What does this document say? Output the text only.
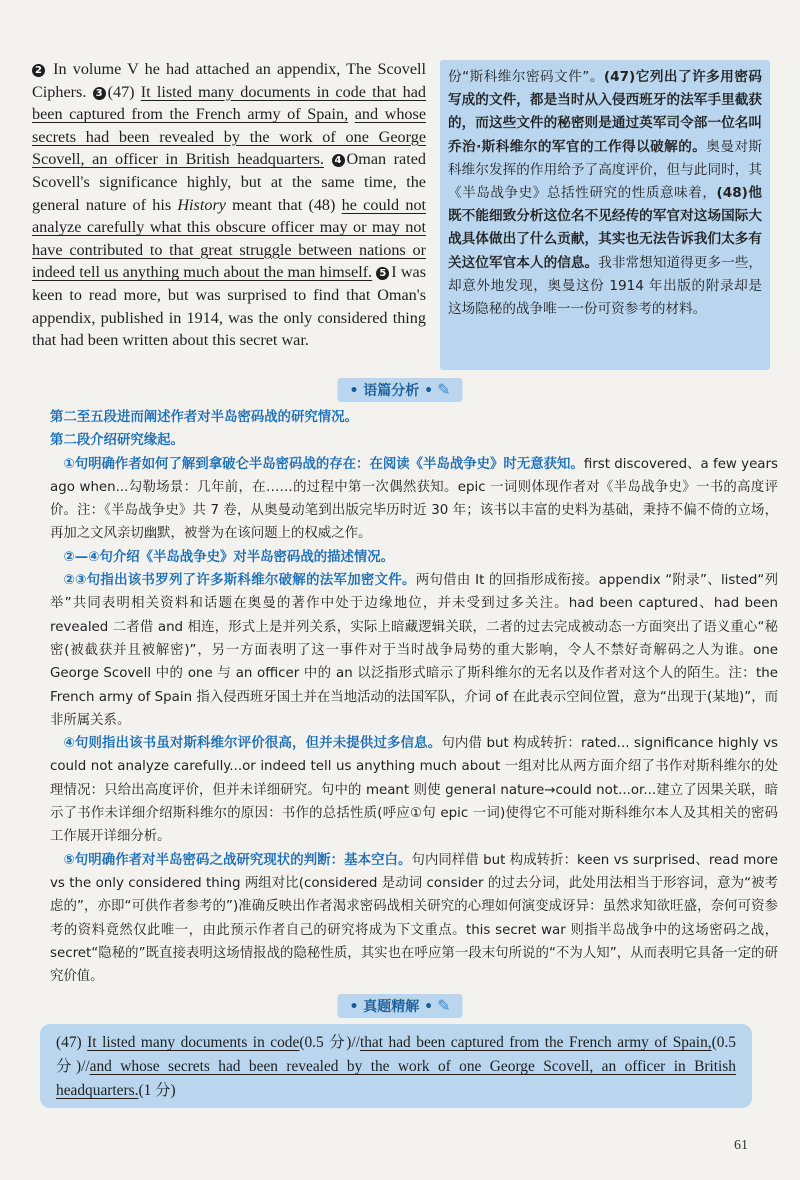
2 In volume V he had attached an appendix, The Scovell Ciphers. 3 (47) It listed many documents in code that had been captured from the French army of Spain, and whose secrets had been revealed by the work of one George Scovell, an officer in British headquarters. 4 Oman rated Scovell's significance highly, but at the same time, the general nature of his History meant that (48) he could not analyze carefully what this obscure officer may or may not have contributed to that great struggle between nations or indeed tell us anything much about the man himself. 5 I was keen to read more, but was surprised to find that Oman's appendix, published in 1914, was the only considered thing that had been written about this secret war.

份“斯科维尔密码文件”。(47)它列出了许多用密码写成的文件，都是当时从入侵西班牙的法军手里截获的，而这些文件的秘密则是通过英军司令部一位名叫乔治·斯科维尔的军官的工作得以破解的。奥曼对斯科维尔发挥的作用给予了高度评价，但与此同时，其《半岛战争史》总括性研究的性质意味着，(48)他既不能细致分析这位名不见经传的军官对这场国际大战具体做出了什么贡献，其实也无法告诉我们太多有关这位军官本人的信息。我非常想知道得更多一些，却意外地发现，奥曼这份 1914 年出版的附录却是这场隐秘的战争唯一一份可资参考的材料。

• 语篇分析 • ✎

第二至五段进而阐述作者对半岛密码战的研究情况。

第二段介绍研究缘起。

①句明确作者如何了解到拿破仑半岛密码战的存在：在阅读《半岛战争史》时无意获知。first discovered、a few years ago when...勾勒场景：几年前，在……的过程中第一次偶然获知。epic 一词则体现作者对《半岛战争史》一书的高度评价。注：《半岛战争史》共 7 卷，从奥曼动笔到出版完毕历时近 30 年；该书以丰富的史料为基础，秉持不偏不倚的立场，再加之文风亲切幽默，被誉为在该问题上的权威之作。

②—④句介绍《半岛战争史》对半岛密码战的描述情况。

②③句指出该书罗列了许多斯科维尔破解的法军加密文件。两句借由 It 的回指形成衔接。appendix “附录”、listed“列举”共同表明相关资料和话题在奥曼的著作中处于边缘地位，并未受到过多关注。had been captured、had been revealed 二者借 and 相连，形式上是并列关系，实际上暗藏逻辑关联，二者的过去完成被动态一方面突出了语义重心“秘密(被截获并且被解密)”，另一方面表明了这一事件对于当时战争局势的重大影响，令人不禁好奇解码之人为谁。one George Scovell 中的 one 与 an officer 中的 an 以泛指形式暗示了斯科维尔的无名以及作者对这个人的陌生。注：the French army of Spain 指入侵西班牙国土并在当地活动的法国军队，介词 of 在此表示空间位置，意为“出现于(某地)”，而非所属关系。

④句则指出该书虽对斯科维尔评价很高，但并未提供过多信息。句内借 but 构成转折：rated... significance highly vs could not analyze carefully...or indeed tell us anything much about 一组对比从两方面介绍了书作对斯科维尔的处理情况：只给出高度评价，但并未详细研究。句中的 meant 则使 general nature→could not...or...建立了因果关联，暗示了书作未详细介绍斯科维尔的原因：书作的总括性质(呼应①句 epic 一词)使得它不可能对斯科维尔本人及其相关的密码工作展开详细分析。

⑤句明确作者对半岛密码之战研究现状的判断：基本空白。句内同样借 but 构成转折：keen vs surprised、read more vs the only considered thing 两组对比(considered 是动词 consider 的过去分词，此处用法相当于形容词，意为“被考虑的”，亦即“可供作者参考的”)准确反映出作者渴求密码战相关研究的心理如何演变成讶异：虽然求知欲旺盛，奈何可资参考的资料竟然仅此唯一，由此预示作者自己的研究将成为下文重点。this secret war 则指半岛战争中的这场密码之战，secret“隐秘的”既直接表明这场情报战的隐秘性质，其实也在呼应第一段末句所说的“不为人知”，从而表明它具备一定的研究价值。

• 真题精解 • ✎
(47) It listed many documents in code(0.5 分)//that had been captured from the French army of Spain,(0.5 分)//and whose secrets had been revealed by the work of one George Scovell, an officer in British headquarters.(1 分)
61
